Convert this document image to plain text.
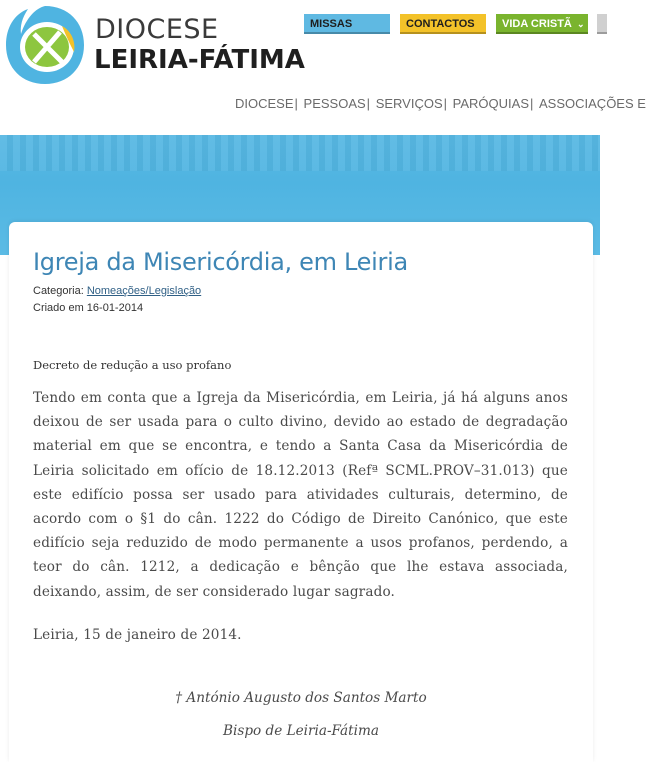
DIOCESE
LEIRIA-FÁTIMA
MISSAS	CONTACTOS	VIDA CRISTÃ ⌄
DIOCESE| PESSOAS| SERVIÇOS| PARÓQUIAS| ASSOCIAÇÕES E
Igreja da Misericórdia, em Leiria
Categoria: Nomeações/Legislação
Criado em 16-01-2014
Decreto de redução a uso profano

Tendo em conta que a Igreja da Misericórdia, em Leiria, já há alguns anos deixou de ser usada para o culto divino, devido ao estado de degradação material em que se encontra, e tendo a Santa Casa da Misericórdia de Leiria solicitado em ofício de 18.12.2013 (Refª SCML.PROV–31.013) que este edifício possa ser usado para atividades culturais, determino, de acordo com o §1 do cân. 1222 do Código de Direito Canónico, que este edifício seja reduzido de modo permanente a usos profanos, perdendo, a teor do cân. 1212, a dedicação e bênção que lhe estava associada, deixando, assim, de ser considerado lugar sagrado.

Leiria, 15 de janeiro de 2014.

† António Augusto dos Santos Marto

Bispo de Leiria-Fátima
